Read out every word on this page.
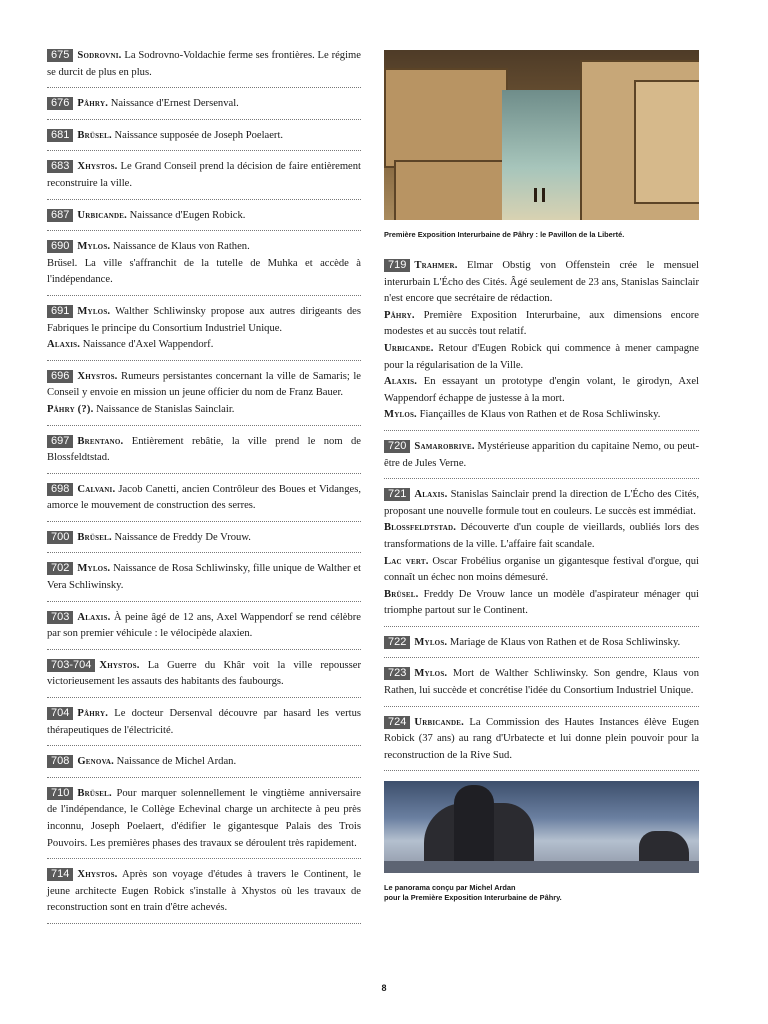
675 Sodrovni. La Sodrovno-Voldachie ferme ses frontières. Le régime se durcit de plus en plus.

676 Pâhry. Naissance d'Ernest Dersenval.

681 Brüsel. Naissance supposée de Joseph Poelaert.

683 Xhystos. Le Grand Conseil prend la décision de faire entièrement reconstruire la ville.

687 Urbicande. Naissance d'Eugen Robick.

690 Mylos. Naissance de Klaus von Rathen.

Brüsel. La ville s'affranchit de la tutelle de Muhka et accède à l'indépendance.

691 Mylos. Walther Schliwinsky propose aux autres dirigeants des Fabriques le principe du Consortium Industriel Unique.

Alaxis. Naissance d'Axel Wappendorf.

696 Xhystos. Rumeurs persistantes concernant la ville de Samaris; le Conseil y envoie en mission un jeune officier du nom de Franz Bauer.

Pâhry (?). Naissance de Stanislas Sainclair.

697 Brentano. Entièrement rebâtie, la ville prend le nom de Blossfeldtstad.

698 Calvani. Jacob Canetti, ancien Contrôleur des Boues et Vidanges, amorce le mouvement de construction des serres.

700 Brüsel. Naissance de Freddy De Vrouw.

702 Mylos. Naissance de Rosa Schliwinsky, fille unique de Walther et Vera Schliwinsky.

703 Alaxis. À peine âgé de 12 ans, Axel Wappendorf se rend célèbre par son premier véhicule : le vélocipède alaxien.

703-704 Xhystos. La Guerre du Khâr voit la ville repousser victorieusement les assauts des habitants des faubourgs.

704 Pâhry. Le docteur Dersenval découvre par hasard les vertus thérapeutiques de l'électricité.

708 Genova. Naissance de Michel Ardan.

710 Brüsel. Pour marquer solennellement le vingtième anniversaire de l'indépendance, le Collège Echevinal charge un architecte à peu près inconnu, Joseph Poelaert, d'édifier le gigantesque Palais des Trois Pouvoirs. Les premières phases des travaux se déroulent très rapidement.

714 Xhystos. Après son voyage d'études à travers le Continent, le jeune architecte Eugen Robick s'installe à Xhystos où les travaux de reconstruction sont en train d'être achevés.

Première Exposition Interurbaine de Pâhry : le Pavillon de la Liberté.

719 Trahmer. Elmar Obstig von Offenstein crée le mensuel interurbain L'Écho des Cités. Âgé seulement de 23 ans, Stanislas Sainclair n'est encore que secrétaire de rédaction.

Pâhry. Première Exposition Interurbaine, aux dimensions encore modestes et au succès tout relatif.

Urbicande. Retour d'Eugen Robick qui commence à mener campagne pour la régularisation de la Ville.

Alaxis. En essayant un prototype d'engin volant, le girodyn, Axel Wappendorf échappe de justesse à la mort.

Mylos. Fiançailles de Klaus von Rathen et de Rosa Schliwinsky.

720 Samarobrive. Mystérieuse apparition du capitaine Nemo, ou peut-être de Jules Verne.

721 Alaxis. Stanislas Sainclair prend la direction de L'Écho des Cités, proposant une nouvelle formule tout en couleurs. Le succès est immédiat.

Blossfeldtstad. Découverte d'un couple de vieillards, oubliés lors des transformations de la ville. L'affaire fait scandale.

Lac vert. Oscar Frobélius organise un gigantesque festival d'orgue, qui connaît un échec non moins démesuré.

Brüsel. Freddy De Vrouw lance un modèle d'aspirateur ménager qui triomphe partout sur le Continent.

722 Mylos. Mariage de Klaus von Rathen et de Rosa Schliwinsky.

723 Mylos. Mort de Walther Schliwinsky. Son gendre, Klaus von Rathen, lui succède et concrétise l'idée du Consortium Industriel Unique.

724 Urbicande. La Commission des Hautes Instances élève Eugen Robick (37 ans) au rang d'Urbatecte et lui donne plein pouvoir pour la reconstruction de la Rive Sud.

Le panorama conçu par Michel Ardan
pour la Première Exposition Interurbaine de Pâhry.
8
